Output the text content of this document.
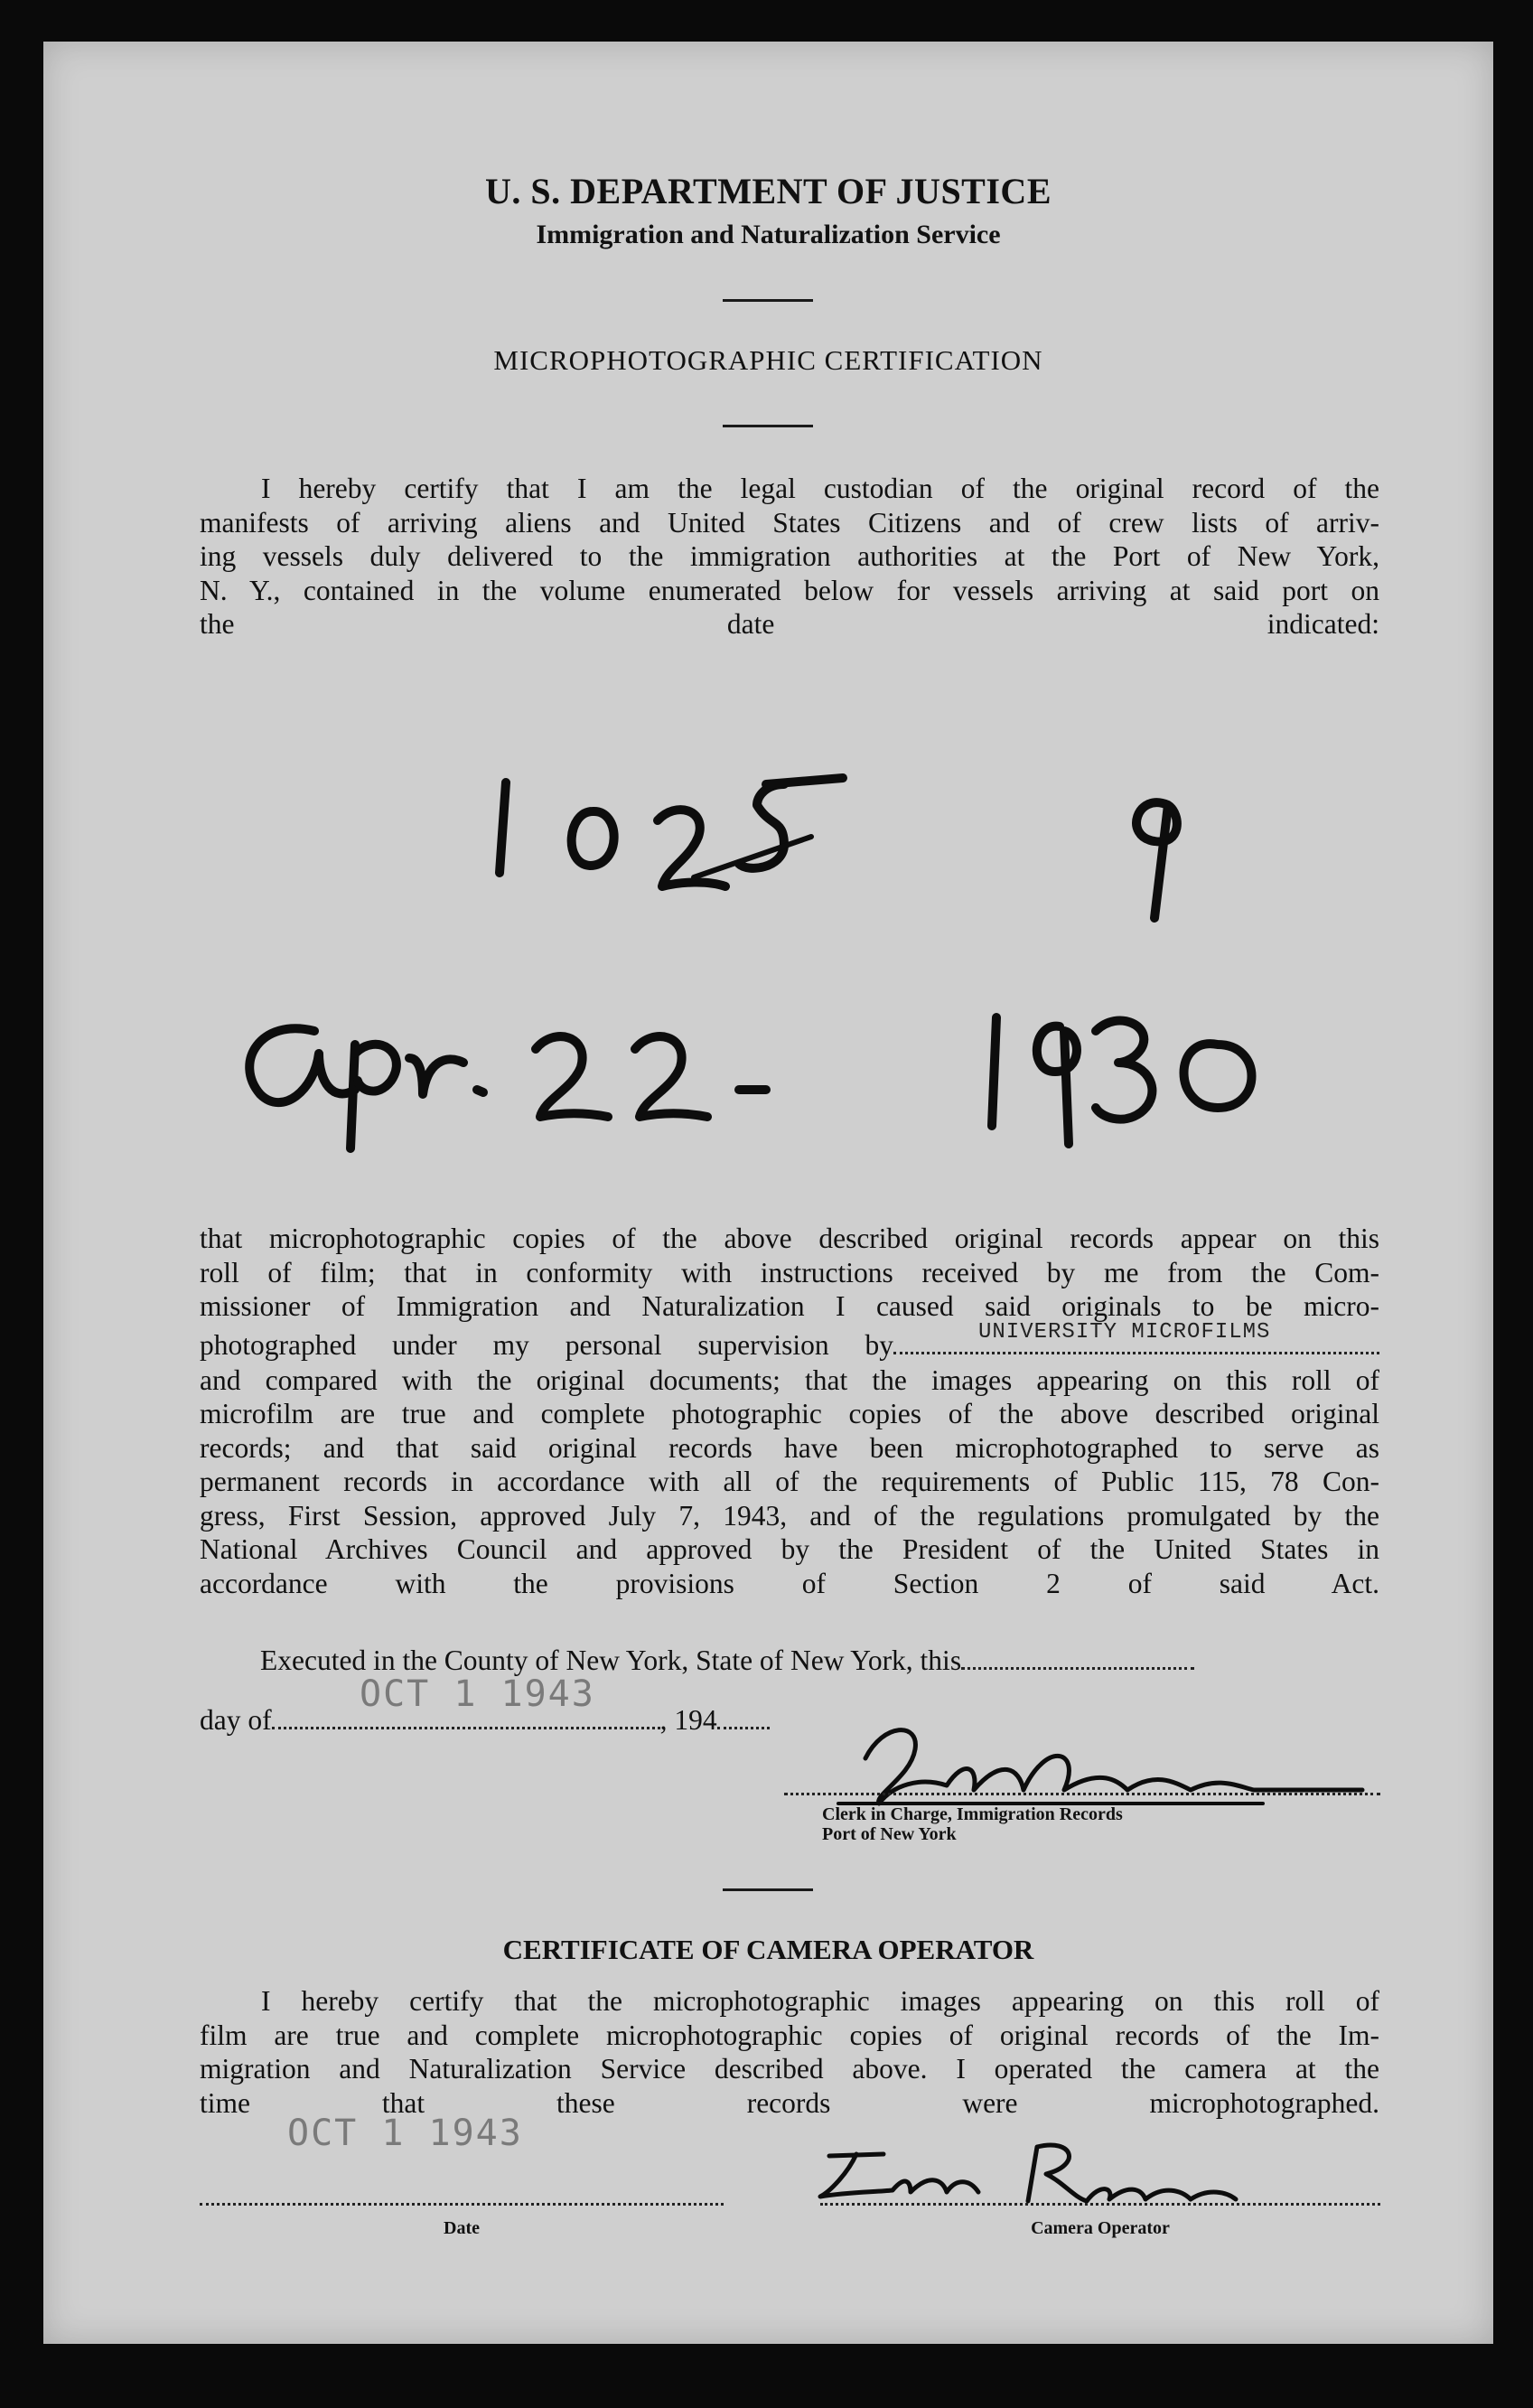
U. S. DEPARTMENT OF JUSTICE
Immigration and Naturalization Service
MICROPHOTOGRAPHIC CERTIFICATION
I hereby certify that I am the legal custodian of the original record of the
manifests of arriving aliens and United States Citizens and of crew lists of arriv-
ing vessels duly delivered to the immigration authorities at the Port of New York,
N. Y., contained in the volume enumerated below for vessels arriving at said port on
the date indicated:
that microphotographic copies of the above described original records appear on this
roll of film; that in conformity with instructions received by me from the Com-
missioner of Immigration and Naturalization I caused said originals to be micro-
photographed under my personal supervision by	UNIVERSITY MICROFILMS
and compared with the original documents; that the images appearing on this roll of
microfilm are true and complete photographic copies of the above described original
records; and that said original records have been microphotographed to serve as
permanent records in accordance with all of the requirements of Public 115, 78 Con-
gress, First Session, approved July 7, 1943, and of the regulations promulgated by the
National Archives Council and approved by the President of the United States in
accordance with the provisions of Section 2 of said Act.
Executed in the County of New York, State of New York, this
day of	, 194
OCT 1 1943
Clerk in Charge, Immigration Records
Port of New York
CERTIFICATE OF CAMERA OPERATOR
I hereby certify that the microphotographic images appearing on this roll of
film are true and complete microphotographic copies of original records of the Im-
migration and Naturalization Service described above. I operated the camera at the
time that these records were microphotographed.
OCT 1 1943
Date	Camera Operator
